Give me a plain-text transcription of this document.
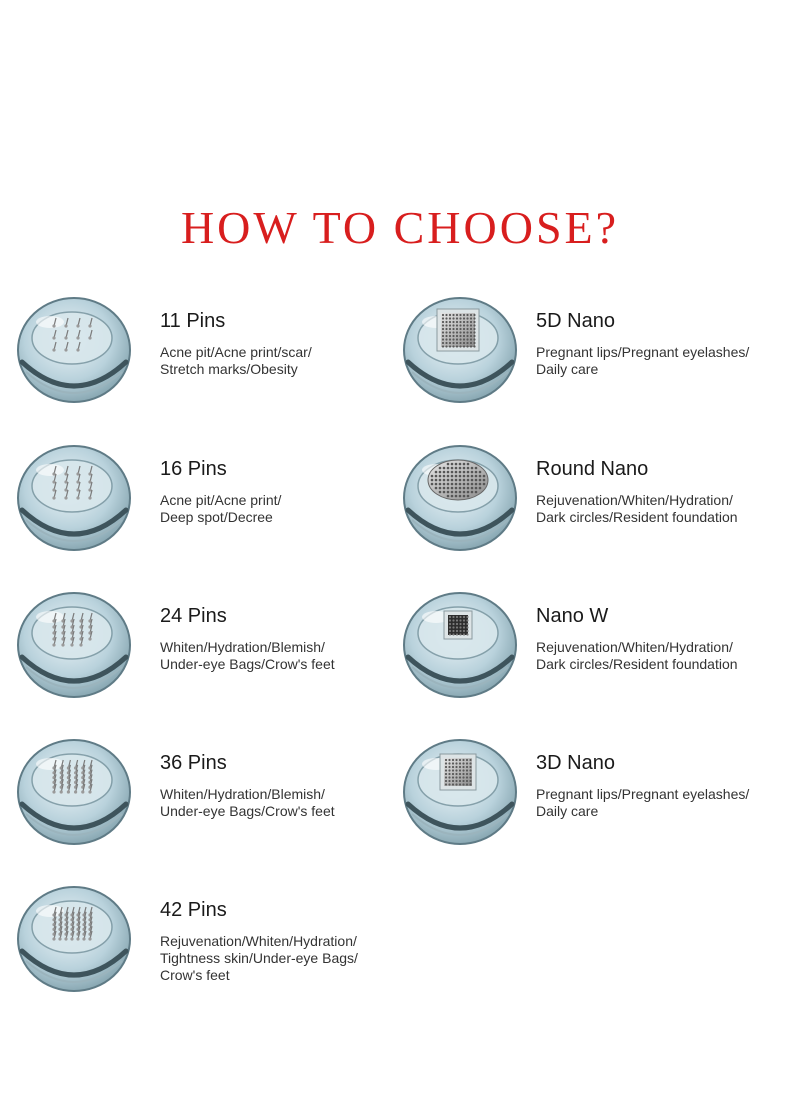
HOW TO CHOOSE?
11 Pins
Acne pit/Acne print/scar/
Stretch marks/Obesity
16 Pins
Acne pit/Acne print/
Deep spot/Decree
24 Pins
Whiten/Hydration/Blemish/
Under-eye Bags/Crow's feet
36 Pins
Whiten/Hydration/Blemish/
Under-eye Bags/Crow's feet
42 Pins
Rejuvenation/Whiten/Hydration/
Tightness skin/Under-eye Bags/
Crow's feet
5D Nano
Pregnant lips/Pregnant eyelashes/
Daily care
Round Nano
Rejuvenation/Whiten/Hydration/
Dark circles/Resident foundation
Nano W
Rejuvenation/Whiten/Hydration/
Dark circles/Resident foundation
3D Nano
Pregnant lips/Pregnant eyelashes/
Daily care
